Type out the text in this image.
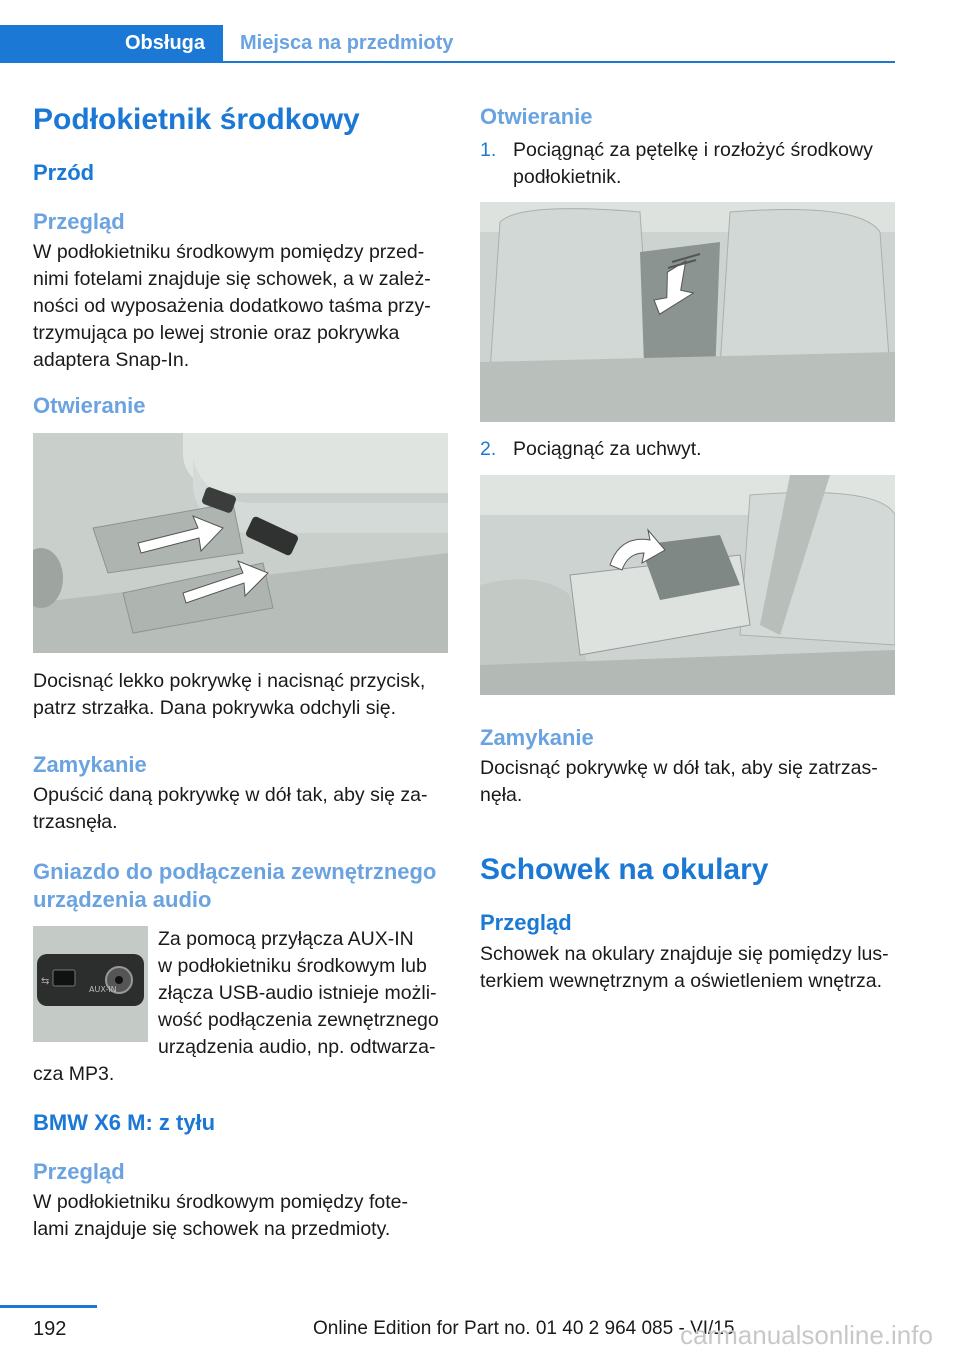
Obsługa	Miejsca na przedmioty
Podłokietnik środkowy
Przód
Przegląd
W podłokietniku środkowym pomiędzy przed‐
nimi fotelami znajduje się schowek, a w zależ‐
ności od wyposażenia dodatkowo taśma przy‐
trzymująca po lewej stronie oraz pokrywka
adaptera Snap-In.
Otwieranie
Docisnąć lekko pokrywkę i nacisnąć przycisk,
patrz strzałka. Dana pokrywka odchyli się.
Zamykanie
Opuścić daną pokrywkę w dół tak, aby się za‐
trzasnęła.
Gniazdo do podłączenia zewnętrznego
urządzenia audio
⇆
AUX-IN
Za pomocą przyłącza AUX-IN
w podłokietniku środkowym lub
złącza USB-audio istnieje możli‐
wość podłączenia zewnętrznego
urządzenia audio, np. odtwarza‐
cza MP3.
BMW X6 M: z tyłu
Przegląd
W podłokietniku środkowym pomiędzy fote‐
lami znajduje się schowek na przedmioty.
Otwieranie
1. Pociągnąć za pętelkę i rozłożyć środkowy
podłokietnik.
2. Pociągnąć za uchwyt.
Zamykanie
Docisnąć pokrywkę w dół tak, aby się zatrzas‐
nęła.
Schowek na okulary
Przegląd
Schowek na okulary znajduje się pomiędzy lus‐
terkiem wewnętrznym a oświetleniem wnętrza.
192	Online Edition for Part no. 01 40 2 964 085 - VI/15
carmanualsonline.info
